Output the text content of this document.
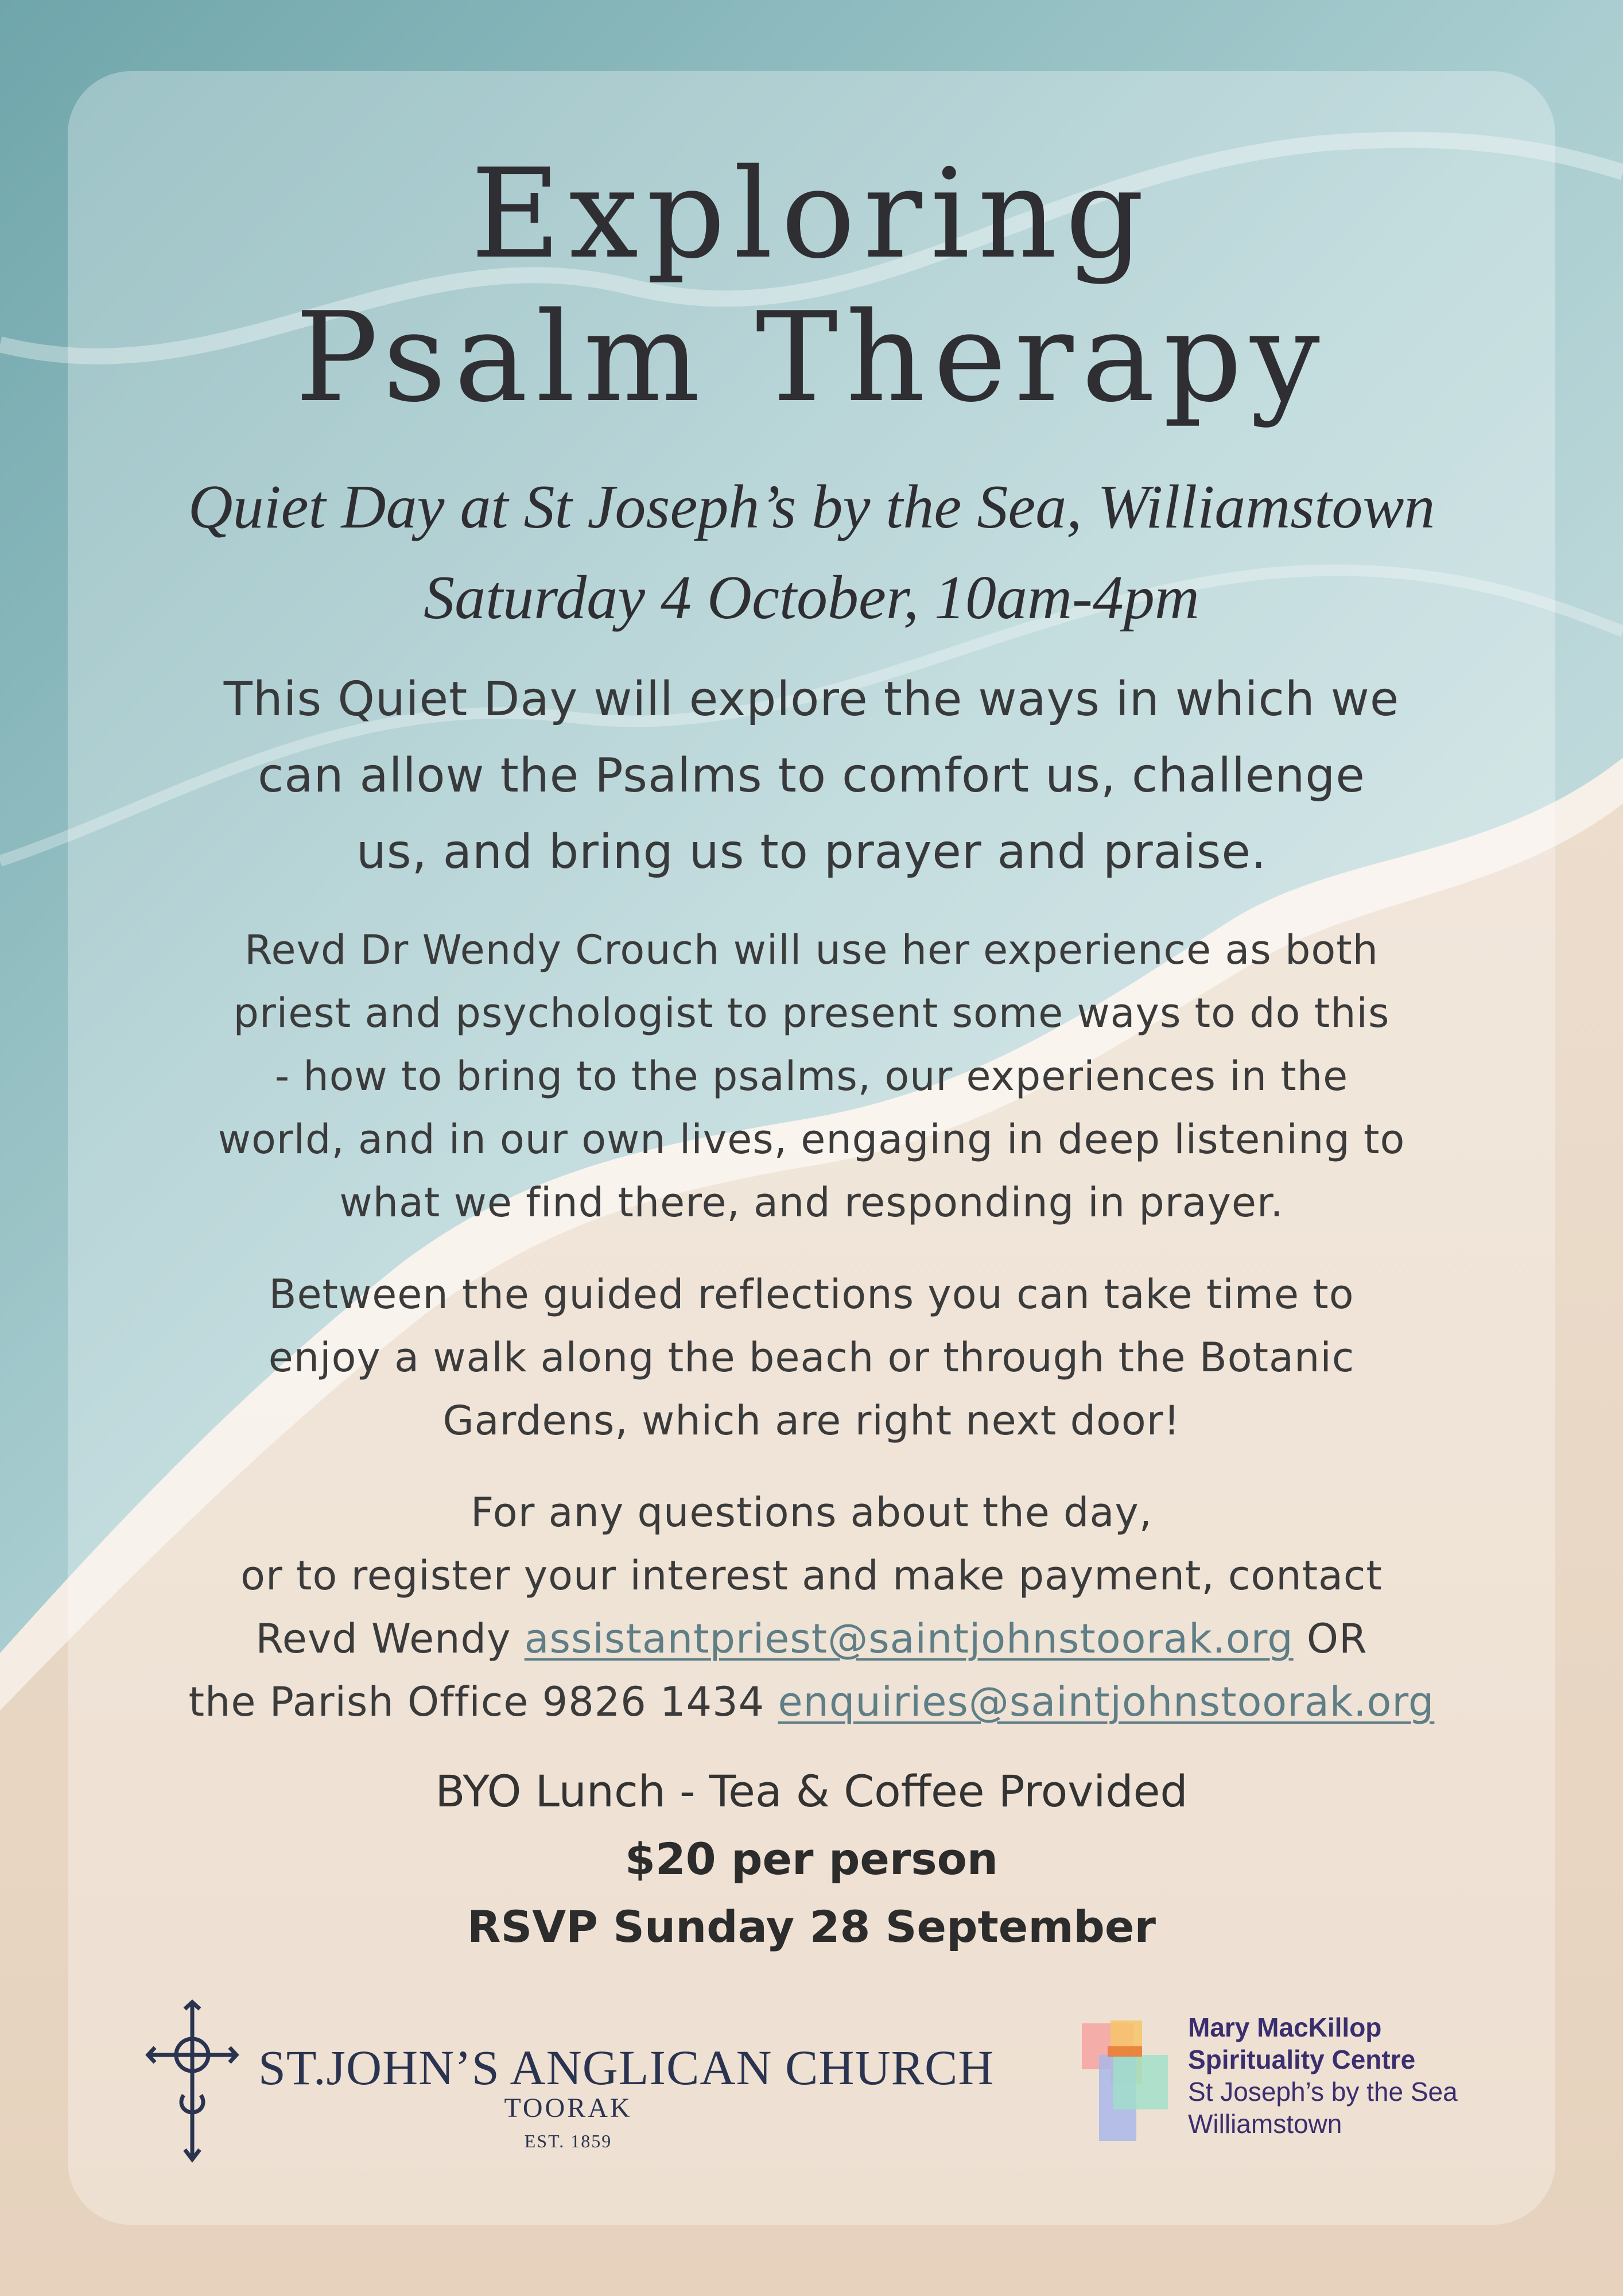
Exploring
Psalm Therapy
Quiet Day at St Joseph’s by the Sea, Williamstown
Saturday 4 October, 10am-4pm
This Quiet Day will explore the ways in which we
can allow the Psalms to comfort us, challenge
us, and bring us to prayer and praise.
Revd Dr Wendy Crouch will use her experience as both
priest and psychologist to present some ways to do this
- how to bring to the psalms, our experiences in the
world, and in our own lives, engaging in deep listening to
what we find there, and responding in prayer.
Between the guided reflections you can take time to
enjoy a walk along the beach or through the Botanic
Gardens, which are right next door!
For any questions about the day,
or to register your interest and make payment, contact
Revd Wendy assistantpriest@saintjohnstoorak.org OR
the Parish Office 9826 1434 enquiries@saintjohnstoorak.org
BYO Lunch - Tea & Coffee Provided
$20 per person
RSVP Sunday 28 September
ST.JOHN’S ANGLICAN CHURCH
TOORAK
EST. 1859
Mary MacKillop
Spirituality Centre
St Joseph’s by the Sea
Williamstown
